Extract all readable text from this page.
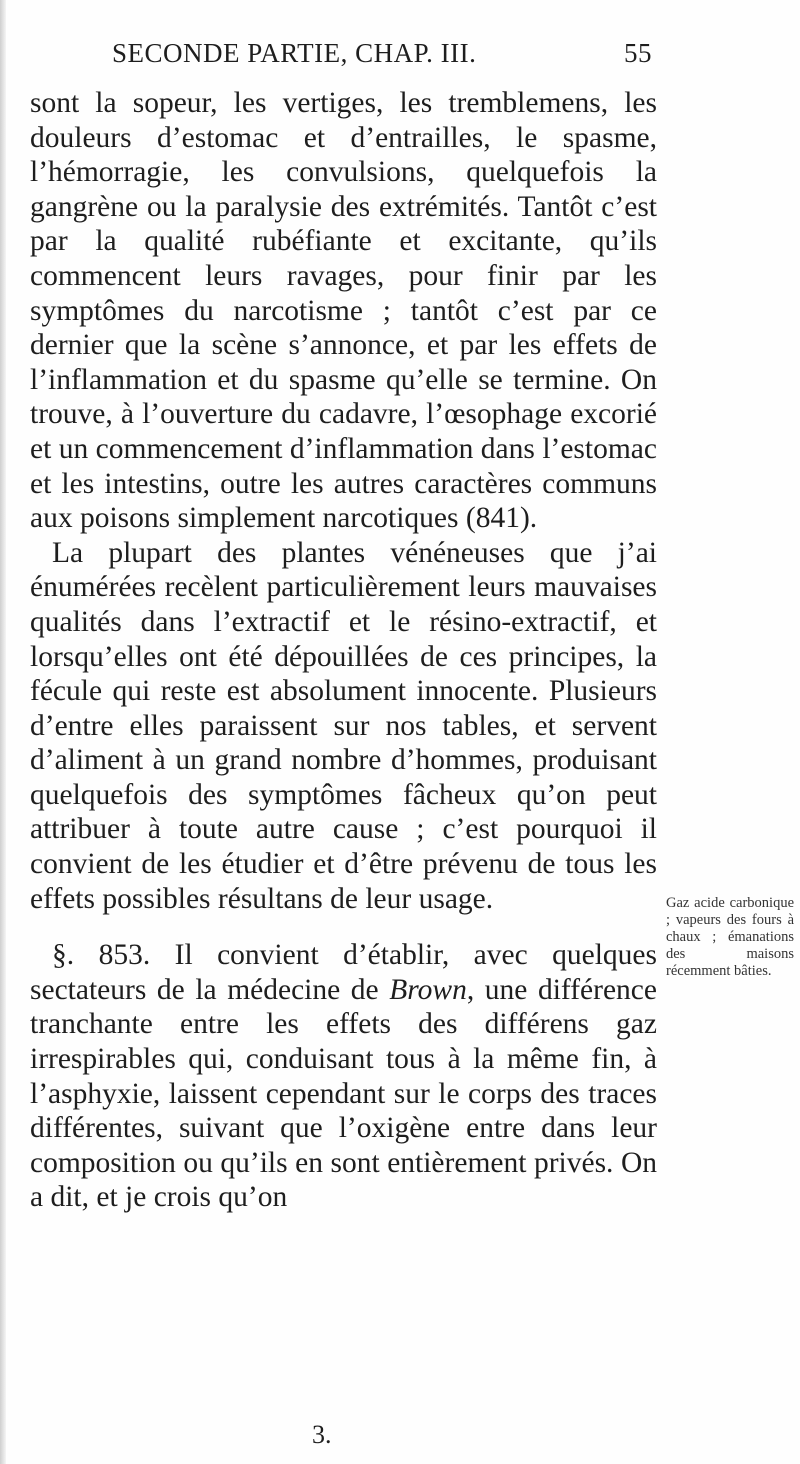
SECONDE PARTIE, CHAP. III.	55

sont la sopeur, les vertiges, les tremblemens, les douleurs d’estomac et d’entrailles, le spasme, l’hémorragie, les convulsions, quelquefois la gangrène ou la paralysie des extrémités. Tantôt c’est par la qualité rubéfiante et excitante, qu’ils commencent leurs ravages, pour finir par les symptômes du narcotisme ; tantôt c’est par ce dernier que la scène s’annonce, et par les effets de l’inflammation et du spasme qu’elle se termine. On trouve, à l’ouverture du cadavre, l’œsophage excorié et un commencement d’inflammation dans l’estomac et les intestins, outre les autres caractères communs aux poisons simplement narcotiques (841).

La plupart des plantes vénéneuses que j’ai énumérées recèlent particulièrement leurs mauvaises qualités dans l’extractif et le résino-extractif, et lorsqu’elles ont été dépouillées de ces principes, la fécule qui reste est absolument innocente. Plusieurs d’entre elles paraissent sur nos tables, et servent d’aliment à un grand nombre d’hommes, produisant quelquefois des symptômes fâcheux qu’on peut attribuer à toute autre cause ; c’est pourquoi il convient de les étudier et d’être prévenu de tous les effets possibles résultans de leur usage.

§. 853. Il convient d’établir, avec quelques sectateurs de la médecine de Brown, une différence tranchante entre les effets des différens gaz irrespirables qui, conduisant tous à la même fin, à l’asphyxie, laissent cependant sur le corps des traces différentes, suivant que l’oxigène entre dans leur composition ou qu’ils en sont entièrement privés. On a dit, et je crois qu’on

Gaz acide carbonique ; vapeurs des fours à chaux ; émanations des maisons récemment bâties.
3.
